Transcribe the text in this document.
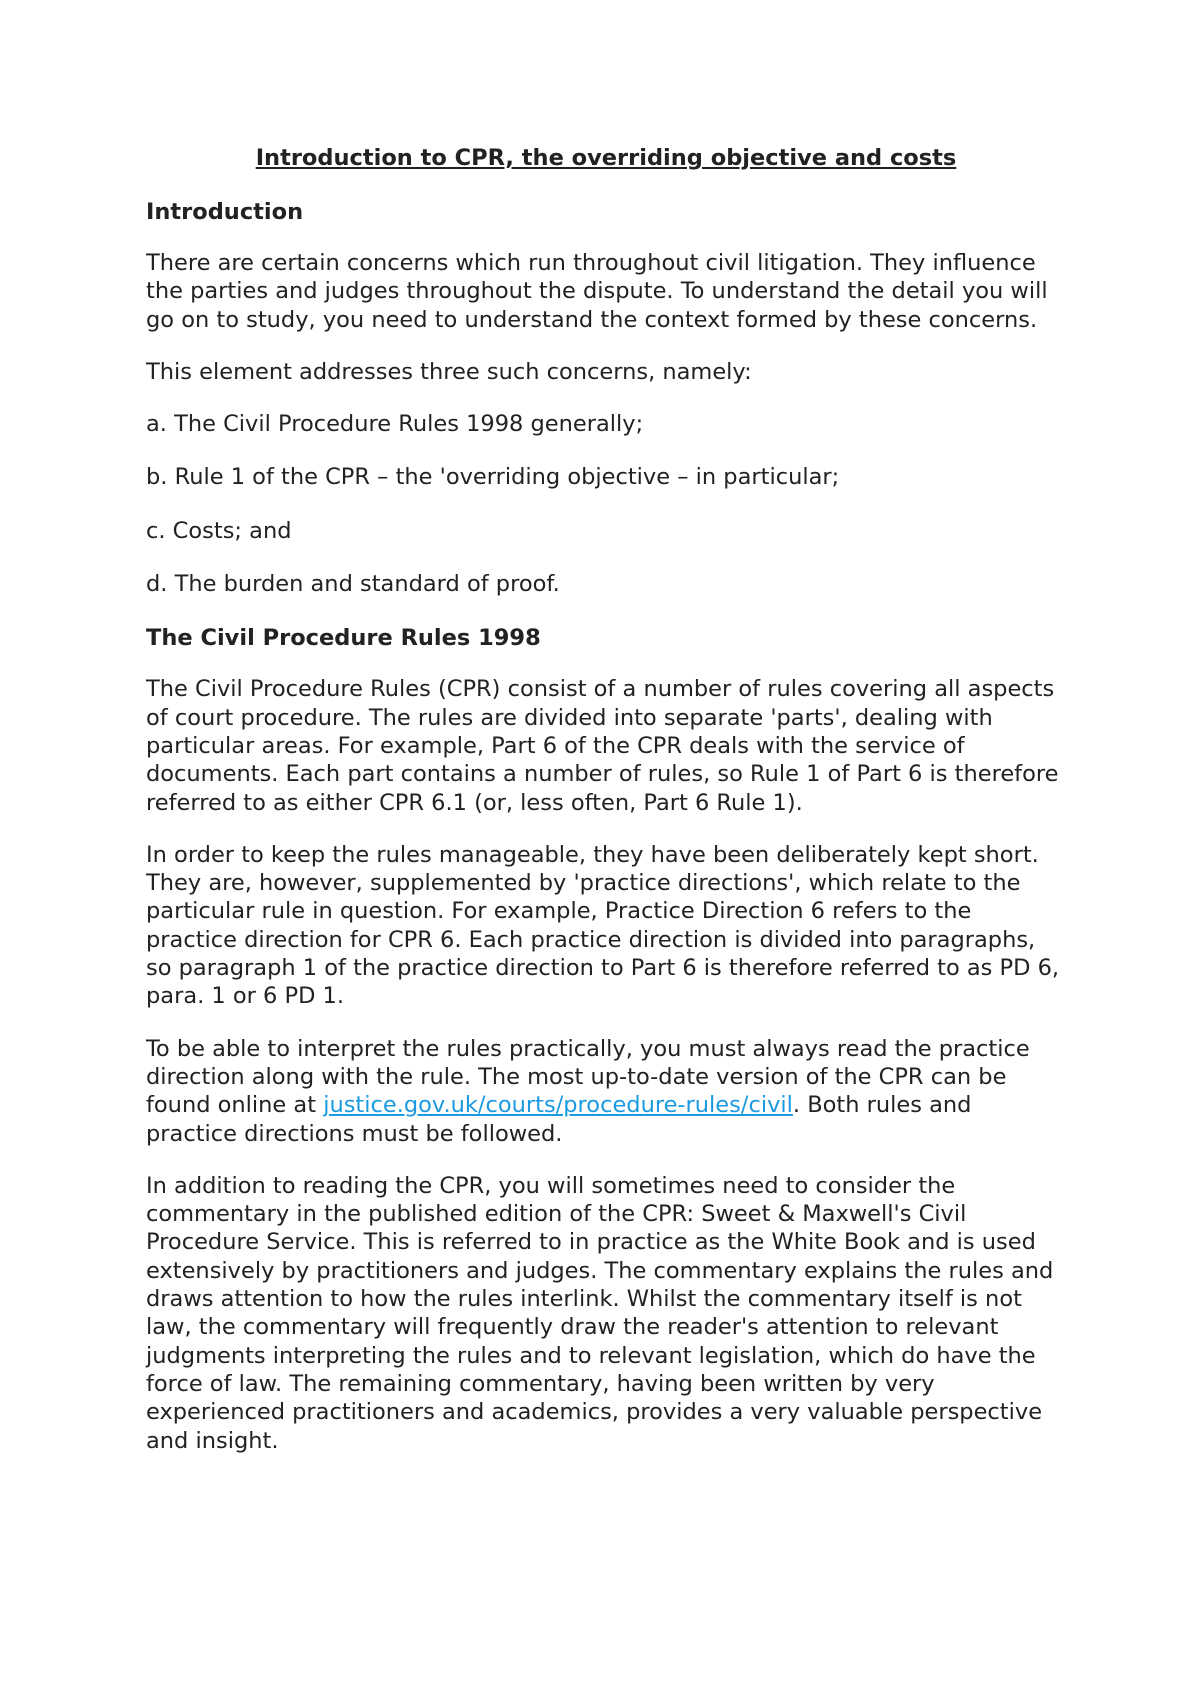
Introduction to CPR, the overriding objective and costs
Introduction

There are certain concerns which run throughout civil litigation. They influence the parties and judges throughout the dispute. To understand the detail you will go on to study, you need to understand the context formed by these concerns.

This element addresses three such concerns, namely:

a. The Civil Procedure Rules 1998 generally;

b. Rule 1 of the CPR – the 'overriding objective – in particular;

c. Costs; and

d. The burden and standard of proof.

The Civil Procedure Rules 1998

The Civil Procedure Rules (CPR) consist of a number of rules covering all aspects of court procedure. The rules are divided into separate 'parts', dealing with particular areas. For example, Part 6 of the CPR deals with the service of documents. Each part contains a number of rules, so Rule 1 of Part 6 is therefore referred to as either CPR 6.1 (or, less often, Part 6 Rule 1).

In order to keep the rules manageable, they have been deliberately kept short. They are, however, supplemented by 'practice directions', which relate to the particular rule in question. For example, Practice Direction 6 refers to the practice direction for CPR 6. Each practice direction is divided into paragraphs, so paragraph 1 of the practice direction to Part 6 is therefore referred to as PD 6, para. 1 or 6 PD 1.

To be able to interpret the rules practically, you must always read the practice direction along with the rule. The most up-to-date version of the CPR can be found online at justice.gov.uk/courts/procedure-rules/civil. Both rules and practice directions must be followed.

In addition to reading the CPR, you will sometimes need to consider the commentary in the published edition of the CPR: Sweet & Maxwell's Civil Procedure Service. This is referred to in practice as the White Book and is used extensively by practitioners and judges. The commentary explains the rules and draws attention to how the rules interlink. Whilst the commentary itself is not law, the commentary will frequently draw the reader's attention to relevant judgments interpreting the rules and to relevant legislation, which do have the force of law. The remaining commentary, having been written by very experienced practitioners and academics, provides a very valuable perspective and insight.
